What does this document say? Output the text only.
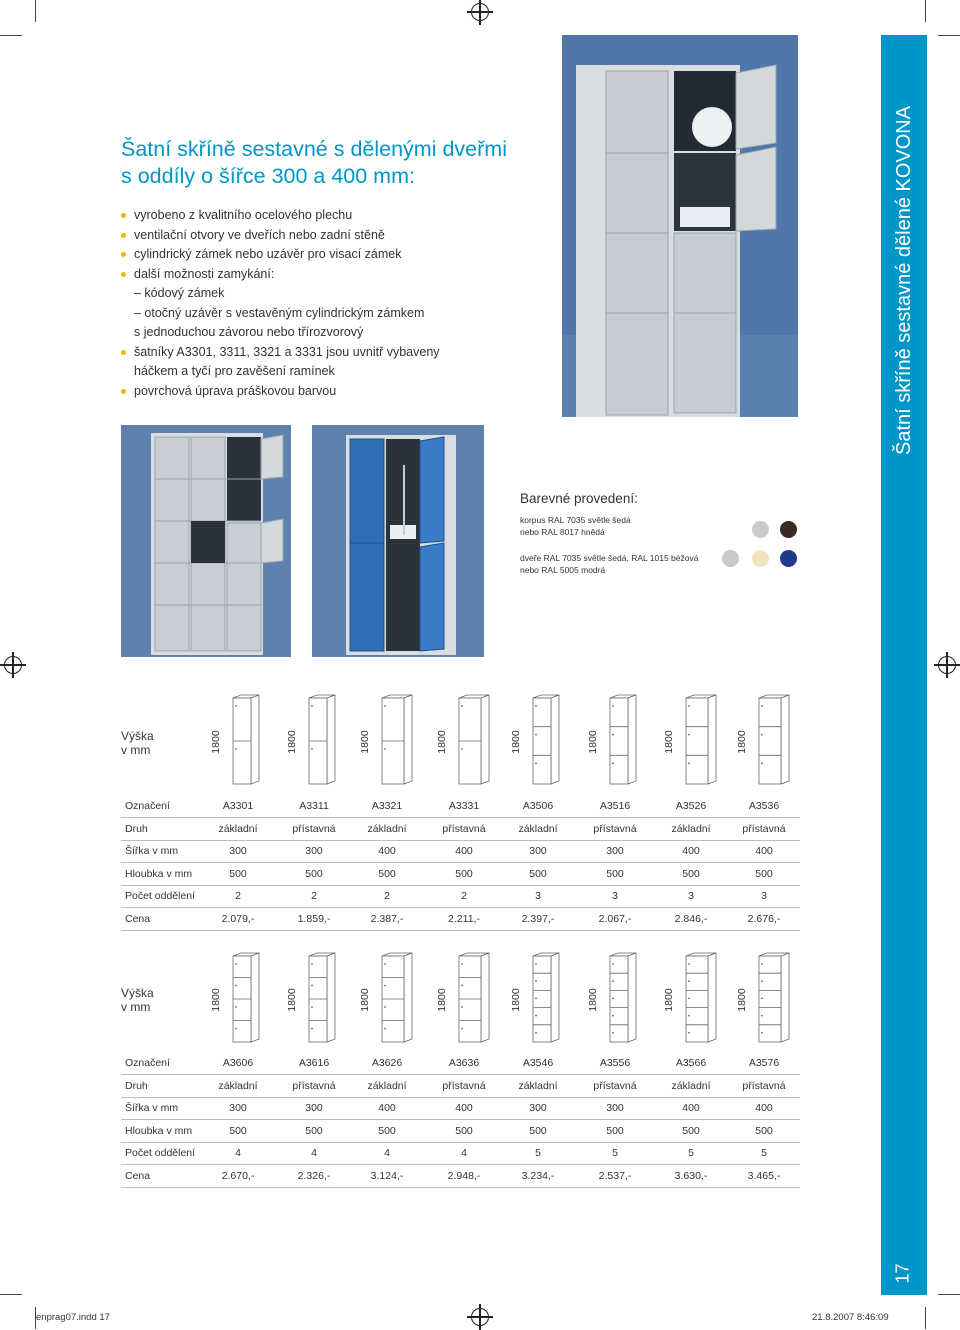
Šatní skříně sestavné s dělenými dveřmi
s oddíly o šířce 300 a 400 mm:
vyrobeno z kvalitního ocelového plechu
ventilační otvory ve dveřích nebo zadní stěně
cylindrický zámek nebo uzávěr pro visací zámek
další možnosti zamykání:
– kódový zámek
– otočný uzávěr s vestavěným cylindrickým zámkem
s jednoduchou závorou nebo třírozvorový
šatníky A3301, 3311, 3321 a 3331 jsou uvnitř vybaveny
háčkem a tyčí pro zavěšení ramínek
povrchová úprava práškovou barvou	Šatní skříně sestavné dělené KOVONA
17
Barevné provedení:
korpus RAL 7035 světle šedá
nebo RAL 8017 hnědá
dveře RAL 7035 světle šedá, RAL 1015 béžová
nebo RAL 5005 modrá
Výška
v mm	1800	1800	1800	1800	1800	1800	1800	1800
Označení	A3301	A3311	A3321	A3331	A3506	A3516	A3526	A3536
Druh	základní	přístavná	základní	přístavná	základní	přístavná	základní	přístavná
Šířka v mm	300	300	400	400	300	300	400	400
Hloubka v mm	500	500	500	500	500	500	500	500
Počet oddělení	2	2	2	2	3	3	3	3
Cena	2.079,-	1.859,-	2.387,-	2.211,-	2.397,-	2.067,-	2.846,-	2.676,-
Výška
v mm	1800	1800	1800	1800	1800	1800	1800	1800
Označení	A3606	A3616	A3626	A3636	A3546	A3556	A3566	A3576
Druh	základní	přístavná	základní	přístavná	základní	přístavná	základní	přístavná
Šířka v mm	300	300	400	400	300	300	400	400
Hloubka v mm	500	500	500	500	500	500	500	500
Počet oddělení	4	4	4	4	5	5	5	5
Cena	2.670,-	2.326,-	3.124,-	2.948,-	3.234,-	2.537,-	3.630,-	3.465,-
enprag07.indd 17	21.8.2007 8:46:09
